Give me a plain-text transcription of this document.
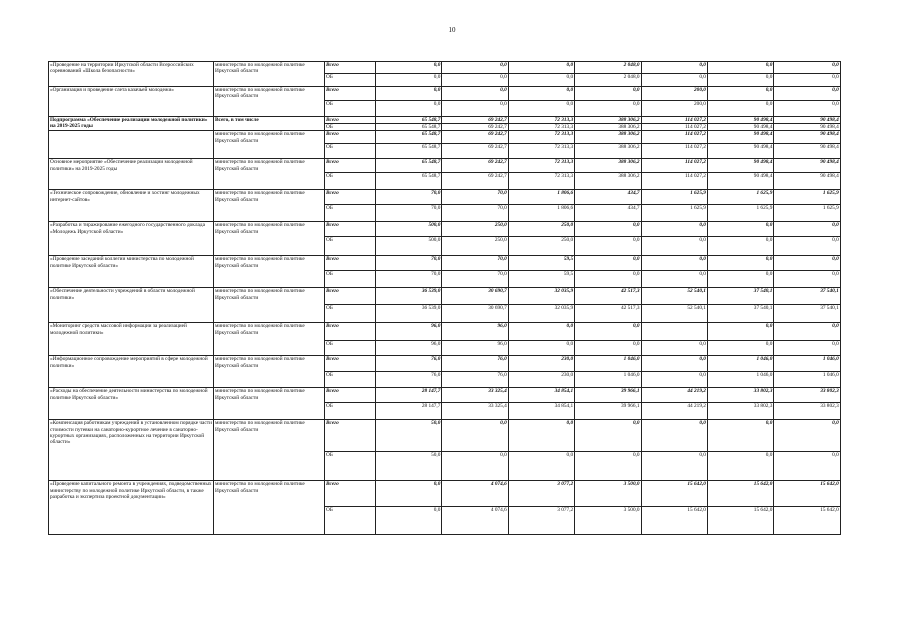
10
«Проведение на территории Иркутской области Всероссийских соревнований «Школа безопасности»	министерство по молодежной политике Иркутской области	Всего	0,0	0,0	0,0	2 048,0	0,0	0,0	0,0
		ОБ	0,0	0,0	0,0	2 048,0	0,0	0,0	0,0
«Организация и проведение слета казачьей молодежи»	министерство по молодежной политике Иркутской области	Всего	0,0	0,0	0,0	0,0	200,0	0,0	0,0
		ОБ	0,0	0,0	0,0	0,0	200,0	0,0	0,0
Подпрограмма «Обеспечение реализации молодежной политики» на 2019-2025 годы	Всего, в том числе	Всего	65 548,7	69 242,7	72 313,3	388 306,2	114 027,2	90 498,4	90 498,4
		ОБ	65 548,7	69 242,7	72 313,3	388 306,2	114 027,2	90 498,4	90 498,4
	министерство по молодежной политике Иркутской области	Всего	65 548,7	69 242,7	72 313,3	388 306,2	114 027,2	90 498,4	90 498,4
		ОБ	65 548,7	69 242,7	72 313,3	388 306,2	114 027,2	90 498,4	90 498,4
Основное мероприятие «Обеспечение реализации молодежной политики» на 2019-2025 годы	министерство по молодежной политике Иркутской области	Всего	65 548,7	69 242,7	72 313,3	388 306,2	114 027,2	90 498,4	90 498,4
		ОБ	65 548,7	69 242,7	72 313,3	388 306,2	114 027,2	90 498,4	90 498,4
«Техническое сопровождение, обновление и хостинг молодежных интернет-сайтов»	министерство по молодежной политике Иркутской области	Всего	70,0	70,0	1 806,6	434,7	1 625,9	1 625,9	1 625,9
		ОБ	70,0	70,0	1 806,6	434,7	1 625,9	1 625,9	1 625,9
«Разработка и тиражирование ежегодного государственного доклада «Молодежь Иркутской области»	министерство по молодежной политике Иркутской области	Всего	500,0	250,0	250,0	0,0	0,0	0,0	0,0
		ОБ	500,0	250,0	250,0	0,0	0,0	0,0	0,0
«Проведение заседаний коллегии министерства по молодежной политике Иркутской области»	министерство по молодежной политике Иркутской области	Всего	70,0	70,0	59,5	0,0	0,0	0,0	0,0
		ОБ	70,0	70,0	59,5	0,0	0,0	0,0	0,0
«Обеспечение деятельности учреждений в области молодежной политики»	министерство по молодежной политике Иркутской области	Всего	36 539,0	30 690,7	32 035,9	42 517,3	52 540,1	37 540,1	37 540,1
		ОБ	36 539,0	30 690,7	32 035,9	42 517,3	52 540,1	37 540,1	37 540,1
«Мониторинг средств массовой информации за реализацией молодежной политики»	министерство по молодежной политике Иркутской области	Всего	96,0	96,0	0,0	0,0		0,0	0,0
		ОБ	96,0	96,0	0,0	0,0	0,0	0,0	0,0
«Информационное сопровождение мероприятий в сфере молодежной политики»	министерство по молодежной политике Иркутской области	Всего	76,0	76,0	230,0	1 046,0	0,0	1 046,0	1 046,0
		ОБ	76,0	76,0	230,0	1 046,0	0,0	1 046,0	1 046,0
«Расходы на обеспечение деятельности министерства по молодежной политике Иркутской области»	министерство по молодежной политике Иркутской области	Всего	28 147,7	33 325,4	34 854,1	39 966,1	44 219,2	33 802,3	33 802,3
		ОБ	28 147,7	33 325,4	34 854,1	39 966,1	44 219,2	33 802,3	33 802,3
«Компенсация работникам учреждений в установленном порядке части стоимости путевки на санаторно-курортное лечение в санаторно-курортных организациях, расположенных на территории Иркутской области»	министерство по молодежной политике Иркутской области	Всего	50,0	0,0	0,0	0,0	0,0	0,0	0,0
		ОБ	50,0	0,0	0,0	0,0	0,0	0,0	0,0
«Проведение капитального ремонта в учреждениях, подведомственных министерству по молодежной политике Иркутской области, в также разработка и экспертиза проектной документации»	министерство по молодежной политике Иркутской области	Всего	0,0	4 074,6	3 077,2	3 500,0	15 642,0	15 642,0	15 642,0
		ОБ	0,0	4 074,6	3 077,2	3 500,0	15 642,0	15 642,0	15 642,0
